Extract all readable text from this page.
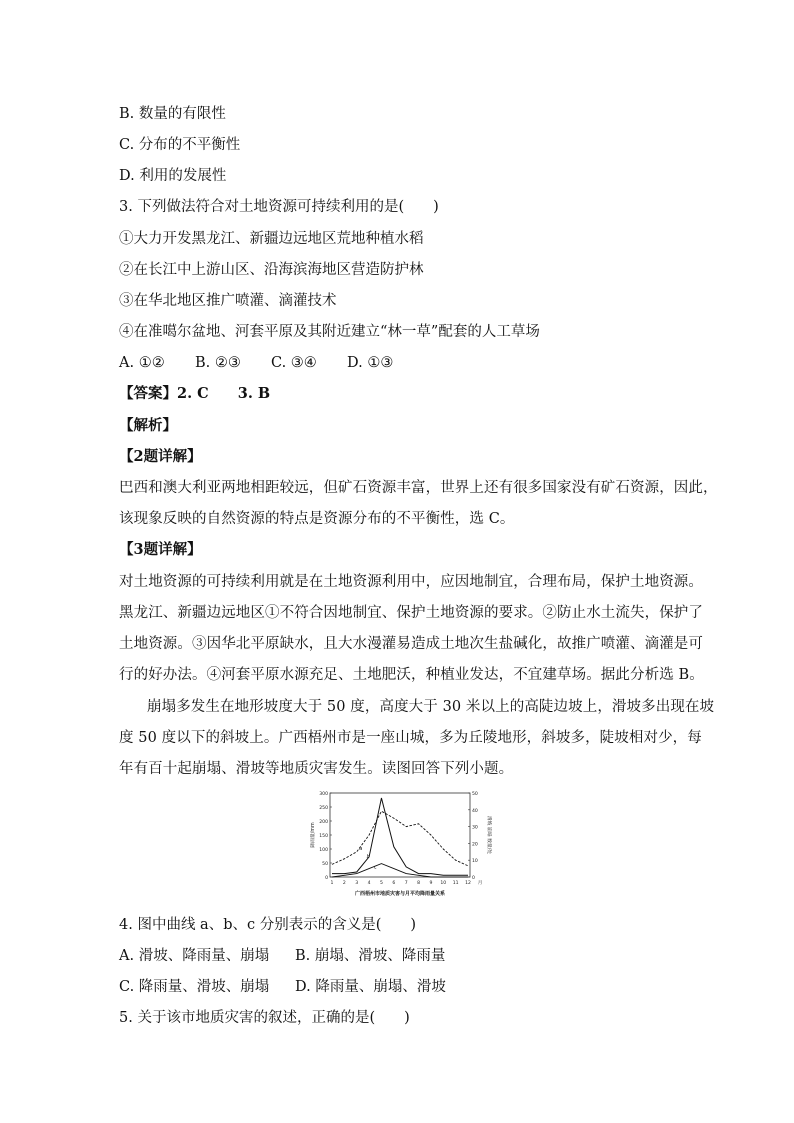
B. 数量的有限性
C. 分布的不平衡性
D. 利用的发展性
3. 下列做法符合对土地资源可持续利用的是(　　)
①大力开发黑龙江、新疆边远地区荒地种植水稻
②在长江中上游山区、沿海滨海地区营造防护林
③在华北地区推广喷灌、滴灌技术
④在准噶尔盆地、河套平原及其附近建立“林一草”配套的人工草场
A. ①② B. ②③ C. ③④ D. ①③
【答案】2. C　　3. B
【解析】
【2题详解】
巴西和澳大利亚两地相距较远，但矿石资源丰富，世界上还有很多国家没有矿石资源，因此，
该现象反映的自然资源的特点是资源分布的不平衡性，选 C。
【3题详解】
对土地资源的可持续利用就是在土地资源利用中，应因地制宜，合理布局，保护土地资源。
黑龙江、新疆边远地区①不符合因地制宜、保护土地资源的要求。②防止水土流失，保护了
土地资源。③因华北平原缺水，且大水漫灌易造成土地次生盐碱化，故推广喷灌、滴灌是可
行的好办法。④河套平原水源充足、土地肥沃，种植业发达，不宜建草场。据此分析选 B。
崩塌多发生在地形坡度大于 50 度，高度大于 30 米以上的高陡边坡上，滑坡多出现在坡
度 50 度以下的斜坡上。广西梧州市是一座山城，多为丘陵地形，斜坡多，陡坡相对少，每
年有百十起崩塌、滑坡等地质灾害发生。读图回答下列小题。
0
50
100
150
200
250
300
0
10
20
30
40
50
1 2 3 4 5 6 7 8 9 10 11 12 月
降雨量/mm	滑坡 崩塌 数量/处
a
b
c
广西梧州市地质灾害与月平均降雨量关系
4. 图中曲线 a、b、c 分别表示的含义是(　　)
A. 滑坡、降雨量、崩塌 B. 崩塌、滑坡、降雨量
C. 降雨量、滑坡、崩塌 D. 降雨量、崩塌、滑坡
5. 关于该市地质灾害的叙述，正确的是(　　)
